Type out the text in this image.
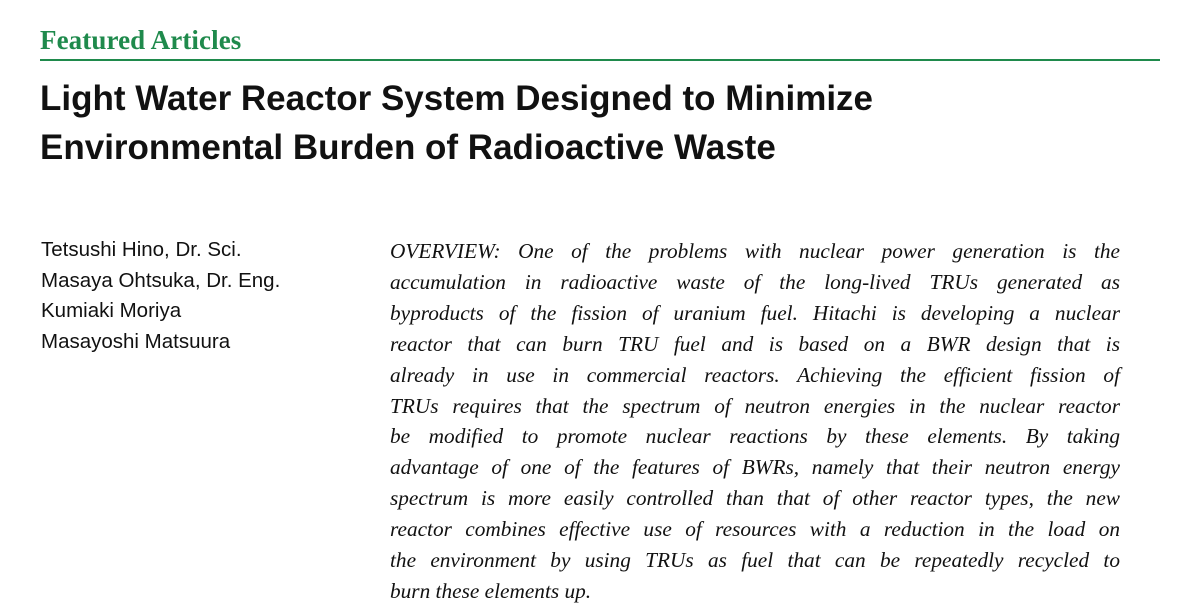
Featured Articles
Light Water Reactor System Designed to Minimize
Environmental Burden of Radioactive Waste
Tetsushi Hino, Dr. Sci.
Masaya Ohtsuka, Dr. Eng.
Kumiaki Moriya
Masayoshi Matsuura
OVERVIEW: One of the problems with nuclear power generation is the
accumulation in radioactive waste of the long-lived TRUs generated as
byproducts of the fission of uranium fuel. Hitachi is developing a nuclear
reactor that can burn TRU fuel and is based on a BWR design that is
already in use in commercial reactors. Achieving the efficient fission of
TRUs requires that the spectrum of neutron energies in the nuclear reactor
be modified to promote nuclear reactions by these elements. By taking
advantage of one of the features of BWRs, namely that their neutron energy
spectrum is more easily controlled than that of other reactor types, the new
reactor combines effective use of resources with a reduction in the load on
the environment by using TRUs as fuel that can be repeatedly recycled to
burn these elements up.
